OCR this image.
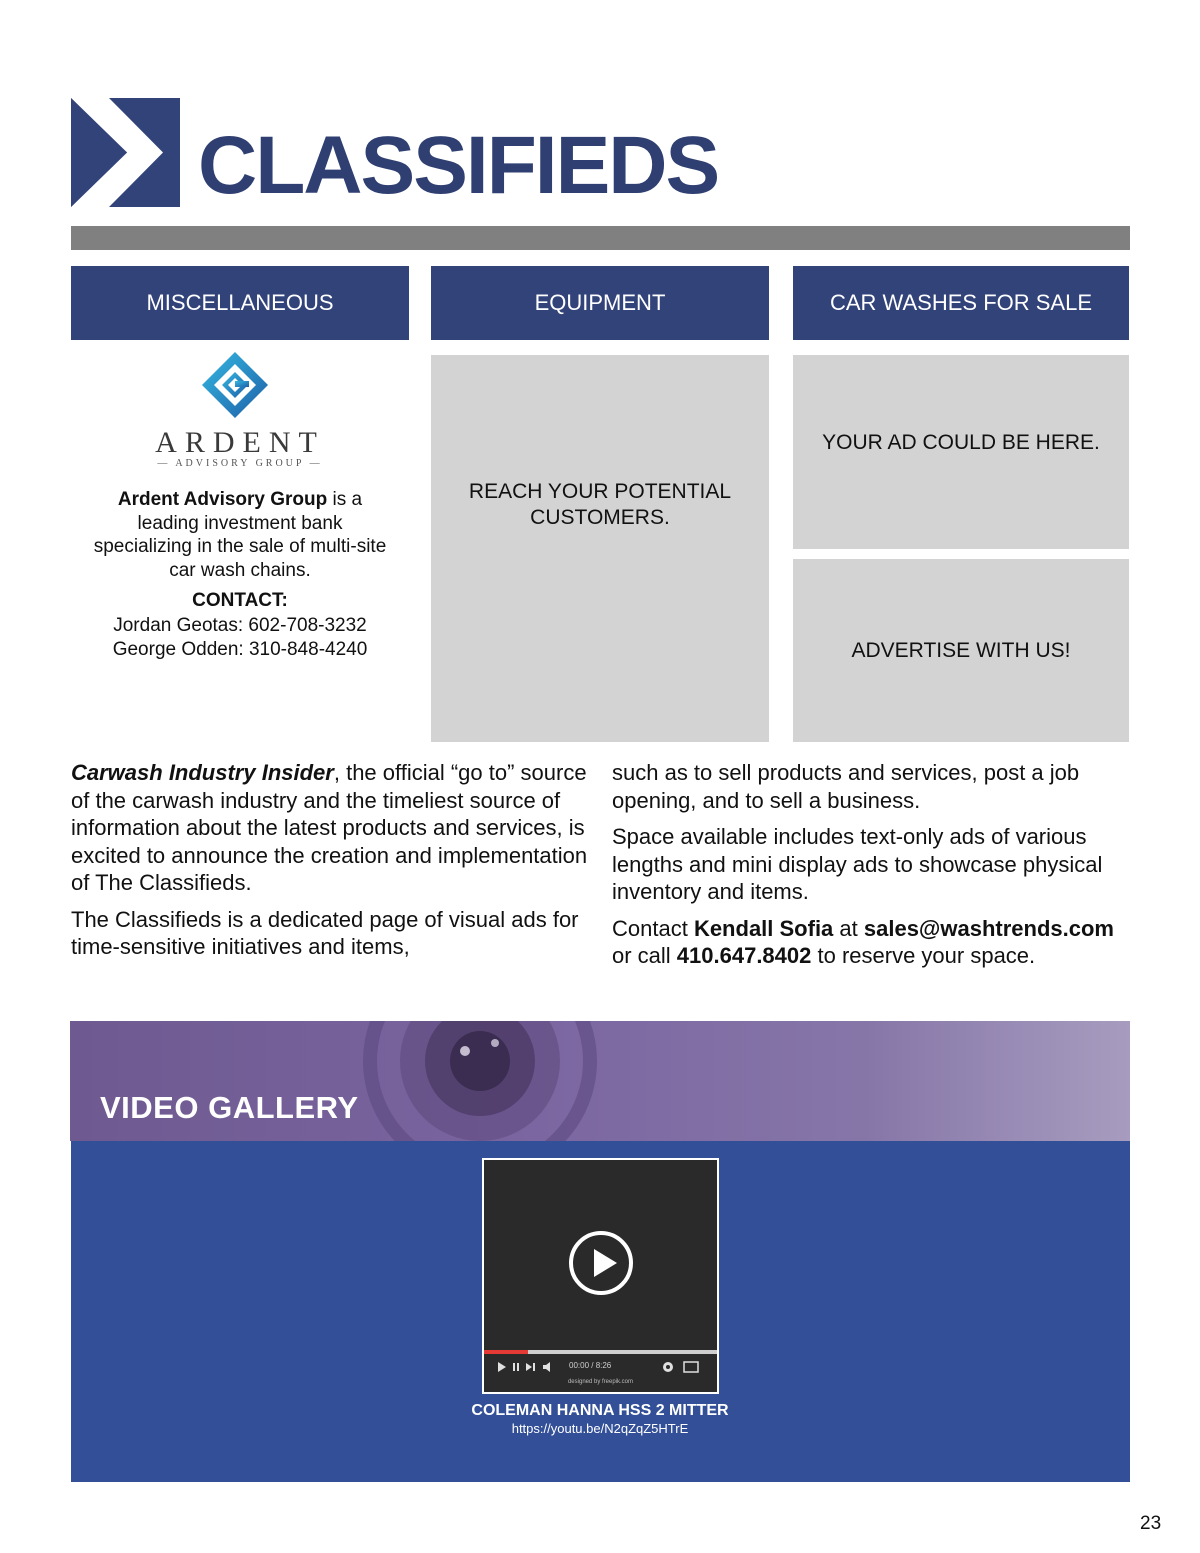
CLASSIFIEDS
MISCELLANEOUS	EQUIPMENT	CAR WASHES FOR SALE
ARDENT
— ADVISORY GROUP —
Ardent Advisory Group is a leading investment bank specializing in the sale of multi-site car wash chains.
CONTACT:
Jordan Geotas: 602-708-3232
George Odden: 310-848-4240
REACH YOUR POTENTIAL CUSTOMERS.
YOUR AD COULD BE HERE.
ADVERTISE WITH US!

Carwash Industry Insider, the official “go to” source of the carwash industry and the timeliest source of information about the latest products and services, is excited to announce the creation and implementation of The Classifieds.

The Classifieds is a dedicated page of visual ads for time-sensitive initiatives and items,

such as to sell products and services, post a job opening, and to sell a business.

Space available includes text-only ads of various lengths and mini display ads to showcase physical inventory and items.

Contact Kendall Sofia at sales@washtrends.com or call 410.647.8402 to reserve your space.

VIDEO GALLERY
00:00 / 8:26
designed by freepik.com
COLEMAN HANNA HSS 2 MITTER
https://youtu.be/N2qZqZ5HTrE
23
